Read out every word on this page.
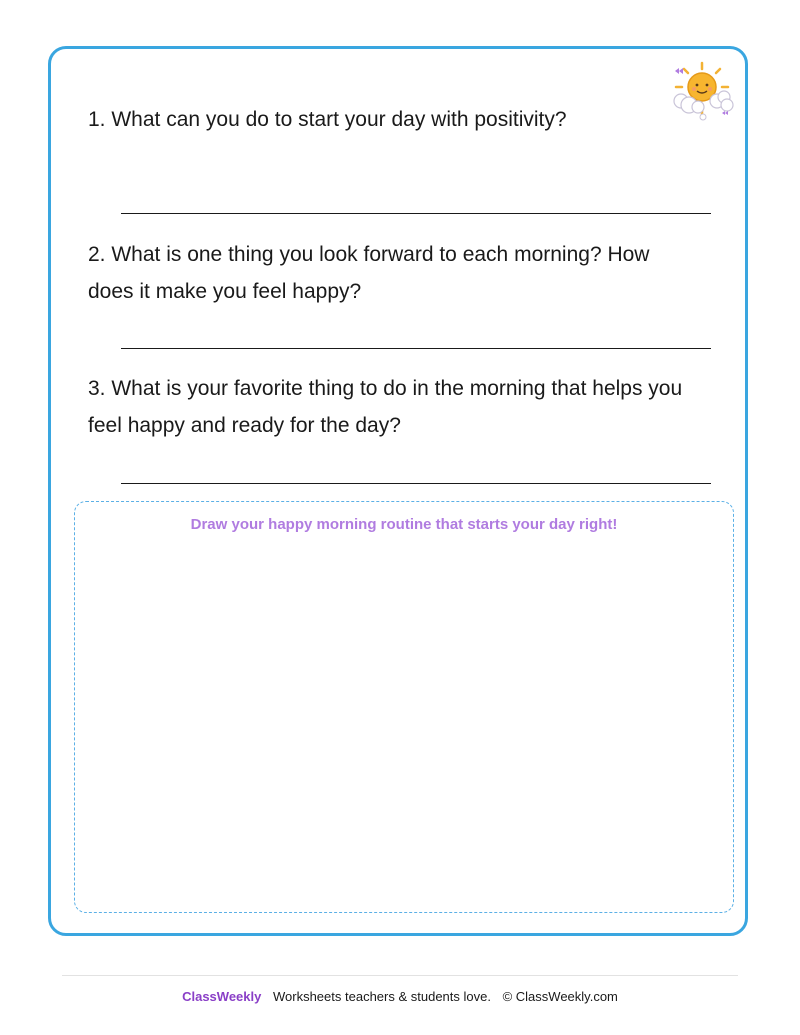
1. What can you do to start your day with positivity?

2. What is one thing you look forward to each morning? How does it make you feel happy?

3. What is your favorite thing to do in the morning that helps you feel happy and ready for the day?

Draw your happy morning routine that starts your day right!
ClassWeekly Worksheets teachers & students love. © ClassWeekly.com
